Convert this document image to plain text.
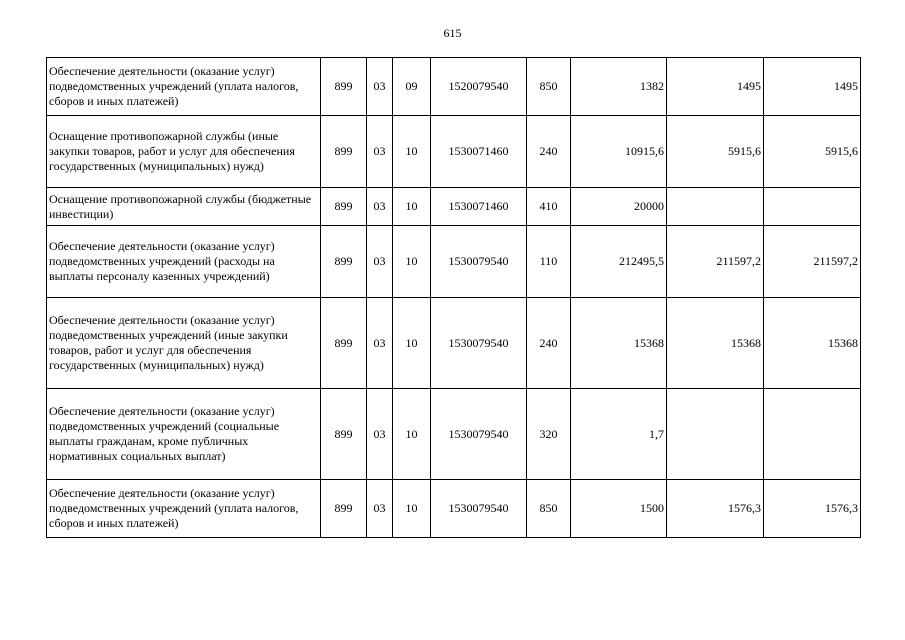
615
Обеспечение деятельности (оказание услуг) подведомственных учреждений (уплата налогов, сборов и иных платежей)	899	03	09	1520079540	850	1382	1495	1495
Оснащение противопожарной службы (иные закупки товаров, работ и услуг для обеспечения государственных (муниципальных) нужд)	899	03	10	1530071460	240	10915,6	5915,6	5915,6
Оснащение противопожарной службы (бюджетные инвестиции)	899	03	10	1530071460	410	20000		
Обеспечение деятельности (оказание услуг) подведомственных учреждений (расходы на выплаты персоналу казенных учреждений)	899	03	10	1530079540	110	212495,5	211597,2	211597,2
Обеспечение деятельности (оказание услуг) подведомственных учреждений (иные закупки товаров, работ и услуг для обеспечения государственных (муниципальных) нужд)	899	03	10	1530079540	240	15368	15368	15368
Обеспечение деятельности (оказание услуг) подведомственных учреждений (социальные выплаты гражданам, кроме публичных нормативных социальных выплат)	899	03	10	1530079540	320	1,7		
Обеспечение деятельности (оказание услуг) подведомственных учреждений (уплата налогов, сборов и иных платежей)	899	03	10	1530079540	850	1500	1576,3	1576,3
